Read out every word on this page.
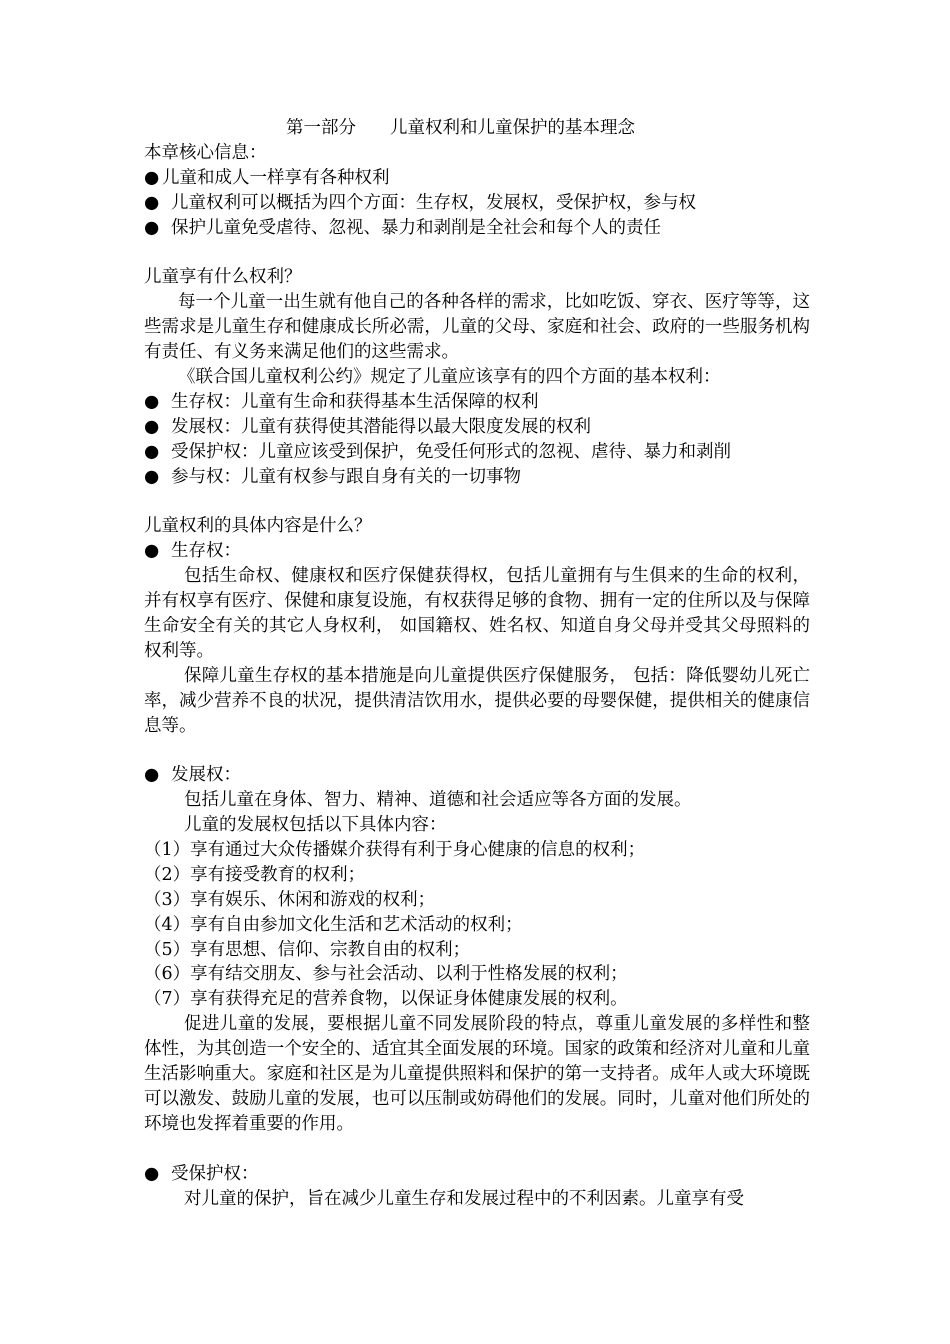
第一部分 儿童权利和儿童保护的基本理念
本章核心信息：
● 儿童和成人一样享有各种权利
● 儿童权利可以概括为四个方面：生存权，发展权，受保护权，参与权
● 保护儿童免受虐待、忽视、暴力和剥削是全社会和每个人的责任
儿童享有什么权利？
每一个儿童一出生就有他自己的各种各样的需求，比如吃饭、穿衣、医疗等等，这些需求是儿童生存和健康成长所必需，儿童的父母、家庭和社会、政府的一些服务机构有责任、有义务来满足他们的这些需求。
《联合国儿童权利公约》规定了儿童应该享有的四个方面的基本权利：
● 生存权：儿童有生命和获得基本生活保障的权利
● 发展权：儿童有获得使其潜能得以最大限度发展的权利
● 受保护权：儿童应该受到保护，免受任何形式的忽视、虐待、暴力和剥削
● 参与权：儿童有权参与跟自身有关的一切事物
儿童权利的具体内容是什么？
● 生存权：
包括生命权、健康权和医疗保健获得权，包括儿童拥有与生俱来的生命的权利，并有权享有医疗、保健和康复设施，有权获得足够的食物、拥有一定的住所以及与保障生命安全有关的其它人身权利， 如国籍权、姓名权、知道自身父母并受其父母照料的权利等。
保障儿童生存权的基本措施是向儿童提供医疗保健服务， 包括：降低婴幼儿死亡率，减少营养不良的状况，提供清洁饮用水，提供必要的母婴保健，提供相关的健康信息等。
● 发展权：
包括儿童在身体、智力、精神、道德和社会适应等各方面的发展。
儿童的发展权包括以下具体内容：
（1）享有通过大众传播媒介获得有利于身心健康的信息的权利；
（2）享有接受教育的权利；
（3）享有娱乐、休闲和游戏的权利；
（4）享有自由参加文化生活和艺术活动的权利；
（5）享有思想、信仰、宗教自由的权利；
（6）享有结交朋友、参与社会活动、以利于性格发展的权利；
（7）享有获得充足的营养食物，以保证身体健康发展的权利。
促进儿童的发展，要根据儿童不同发展阶段的特点，尊重儿童发展的多样性和整体性，为其创造一个安全的、适宜其全面发展的环境。国家的政策和经济对儿童和儿童生活影响重大。家庭和社区是为儿童提供照料和保护的第一支持者。成年人或大环境既可以激发、鼓励儿童的发展，也可以压制或妨碍他们的发展。同时，儿童对他们所处的环境也发挥着重要的作用。
● 受保护权：
对儿童的保护，旨在减少儿童生存和发展过程中的不利因素。儿童享有受
